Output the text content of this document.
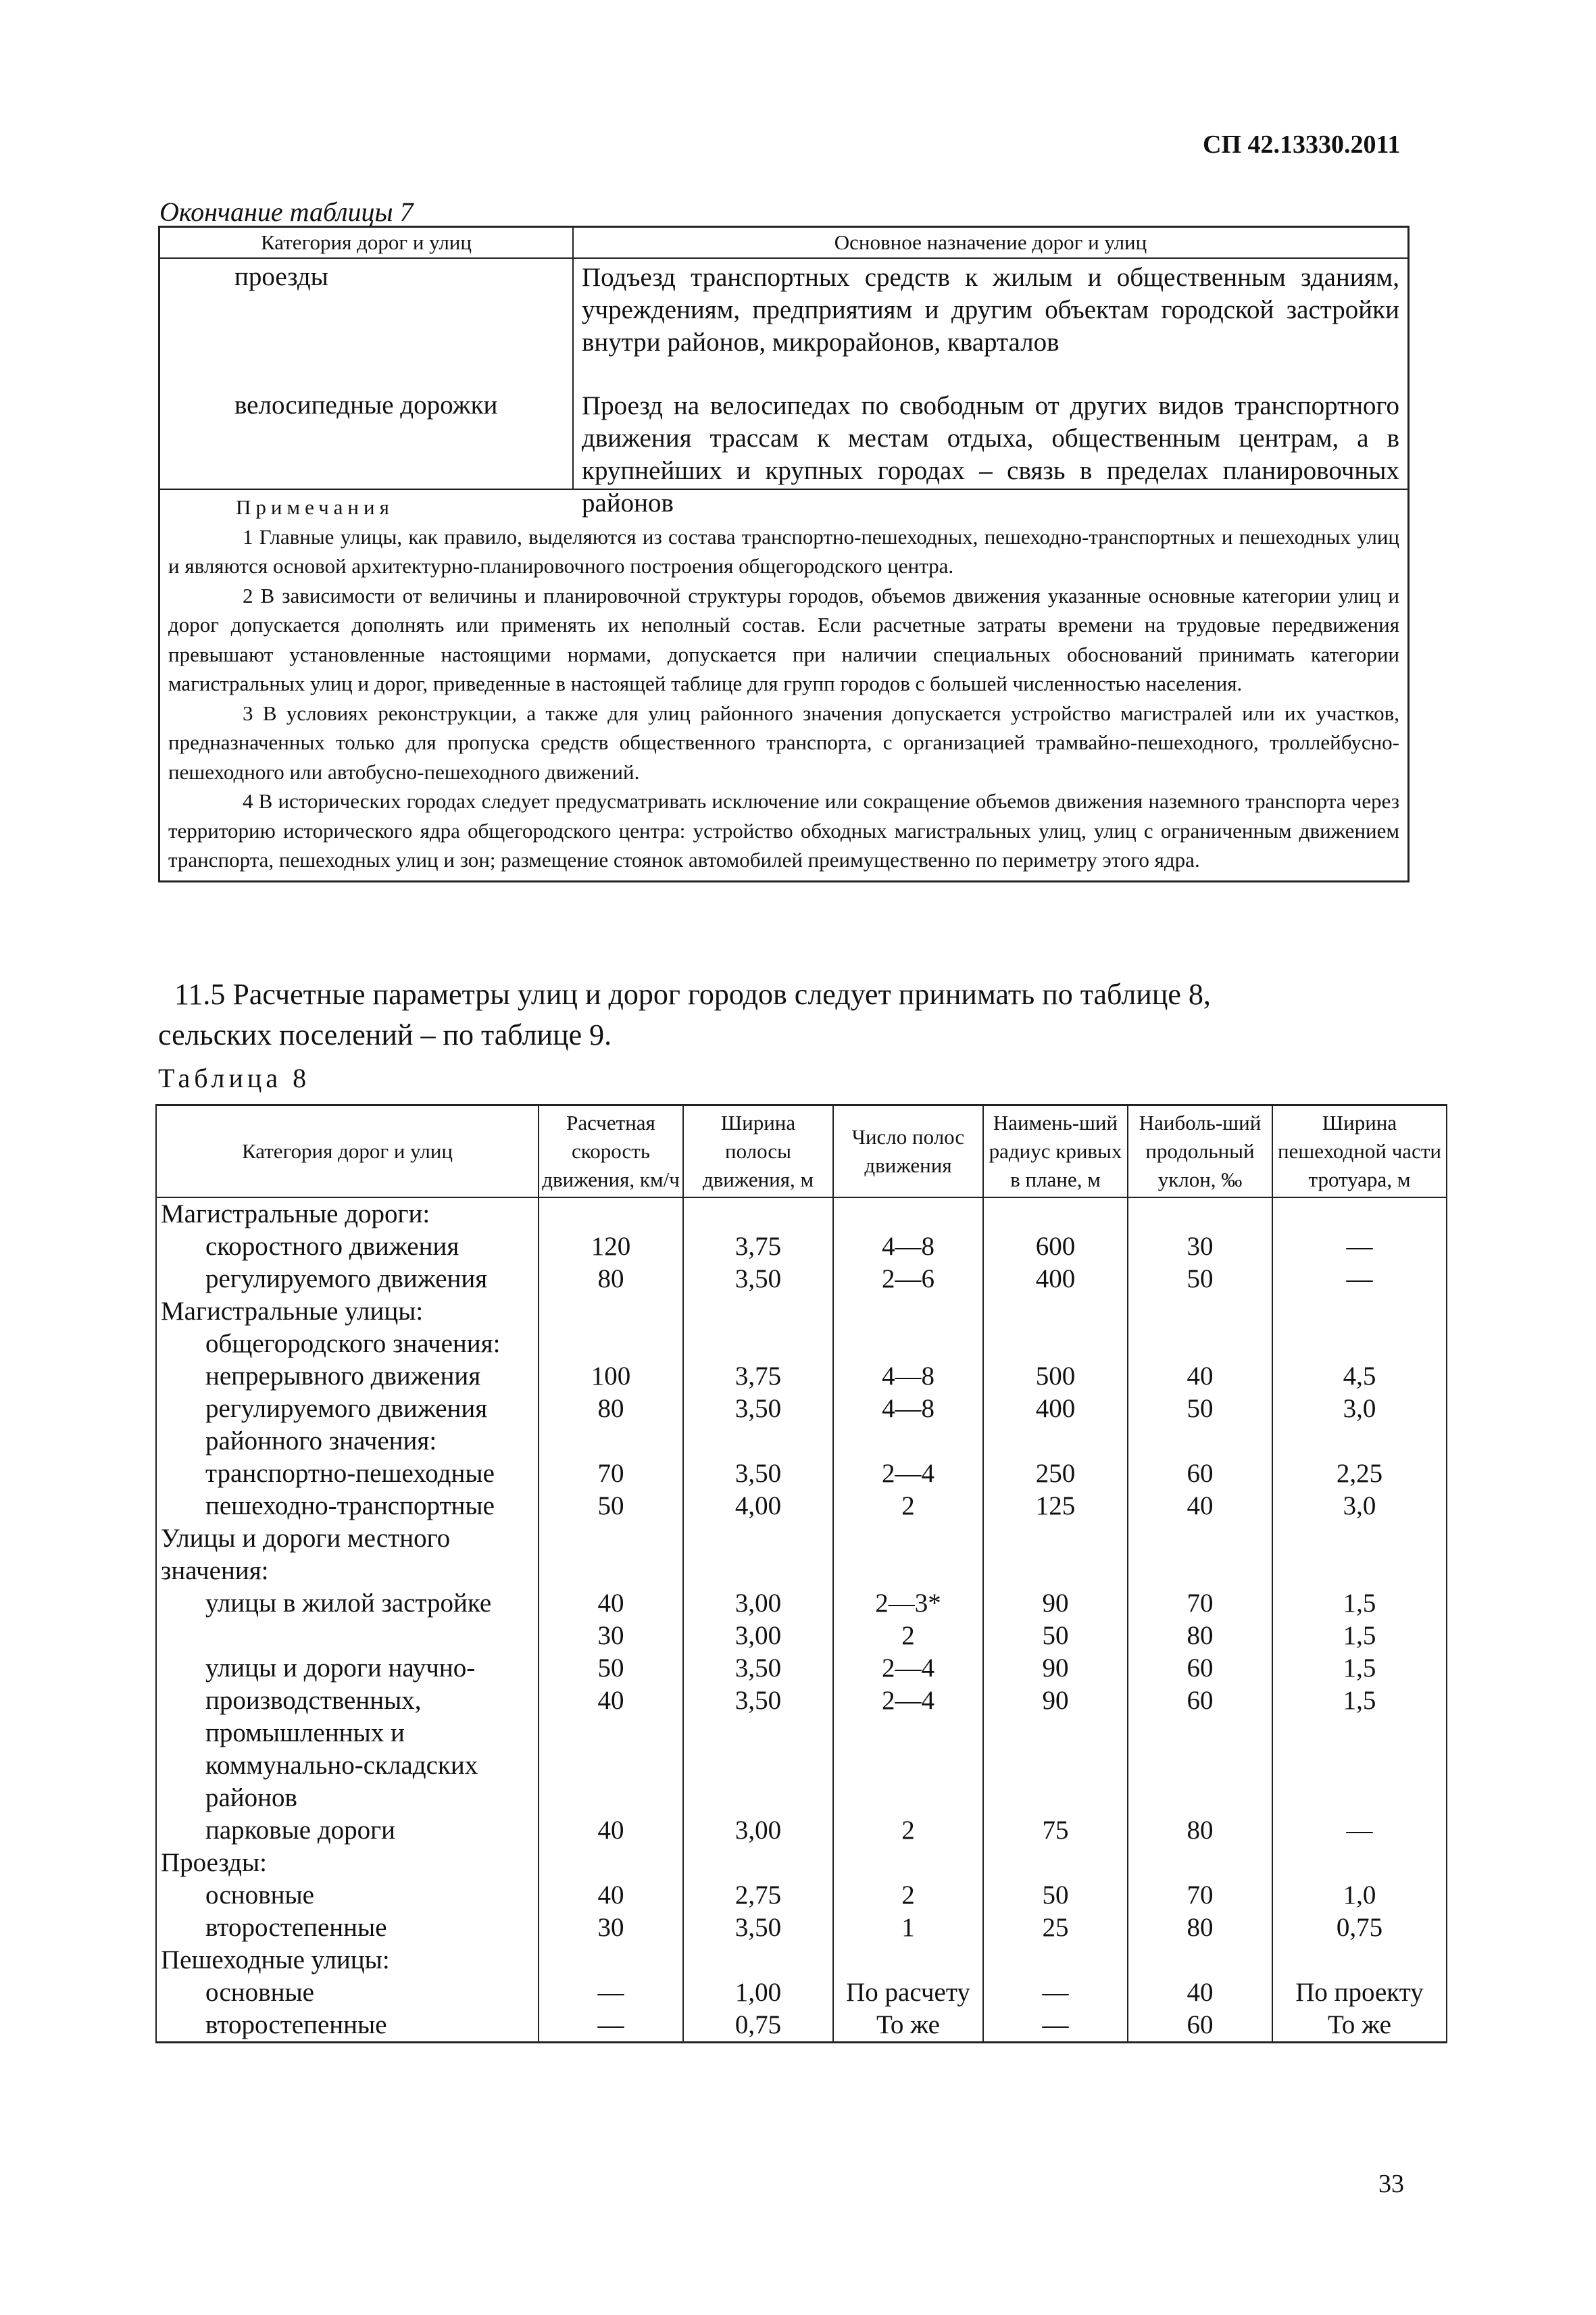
СП 42.13330.2011
Окончание таблицы 7
Категория дорог и улиц	Основное назначение дорог и улиц
проезды	Подъезд транспортных средств к жилым и общественным зданиям, учреждениям, предприятиям и другим объектам городской застройки внутри районов, микрорайонов, кварталов
велосипедные дорожки	Проезд на велосипедах по свободным от других видов транспортного движения трассам к местам отдыха, общественным центрам, а в крупнейших и крупных городах – связь в пределах планировочных районов
Примечания

1 Главные улицы, как правило, выделяются из состава транспортно-пешеходных, пешеходно-транспортных и пешеходных улиц и являются основой архитектурно-планировочного построения общегородского центра.

2 В зависимости от величины и планировочной структуры городов, объемов движения указанные основные категории улиц и дорог допускается дополнять или применять их неполный состав. Если расчетные затраты времени на трудовые передвижения превышают установленные настоящими нормами, допускается при наличии специальных обоснований принимать категории магистральных улиц и дорог, приведенные в настоящей таблице для групп городов с большей численностью населения.

3 В условиях реконструкции, а также для улиц районного значения допускается устройство магистралей или их участков, предназначенных только для пропуска средств общественного транспорта, с организацией трамвайно-пешеходного, троллейбусно-пешеходного или автобусно-пешеходного движений.

4 В исторических городах следует предусматривать исключение или сокращение объемов движения наземного транспорта через территорию исторического ядра общегородского центра: устройство обходных магистральных улиц, улиц с ограниченным движением транспорта, пешеходных улиц и зон; размещение стоянок автомобилей преимущественно по периметру этого ядра.

11.5 Расчетные параметры улиц и дорог городов следует принимать по таблице 8,
сельских поселений – по таблице 9.
Таблица 8
Категория дорог и улиц	Расчетная скорость движения, км/ч	Ширина полосы движения, м	Число полос движения	Наимень-ший радиус кривых в плане, м	Наиболь-ший продольный уклон, ‰	Ширина пешеходной части тротуара, м
Магистральные дороги:						
скоростного движения	120	3,75	4—8	600	30	—
регулируемого движения	80	3,50	2—6	400	50	—
Магистральные улицы:						
общегородского значения:						
непрерывного движения	100	3,75	4—8	500	40	4,5
регулируемого движения	80	3,50	4—8	400	50	3,0
районного значения:						
транспортно-пешеходные	70	3,50	2—4	250	60	2,25
пешеходно-транспортные	50	4,00	2	125	40	3,0
Улицы и дороги местного						
значения:						
улицы в жилой застройке	40	3,00	2—3*	90	70	1,5
	30	3,00	2	50	80	1,5
улицы и дороги научно-	50	3,50	2—4	90	60	1,5
производственных,	40	3,50	2—4	90	60	1,5
промышленных и						
коммунально-складских						
районов						
парковые дороги	40	3,00	2	75	80	—
Проезды:						
основные	40	2,75	2	50	70	1,0
второстепенные	30	3,50	1	25	80	0,75
Пешеходные улицы:						
основные	—	1,00	По расчету	—	40	По проекту
второстепенные	—	0,75	То же	—	60	То же
33
